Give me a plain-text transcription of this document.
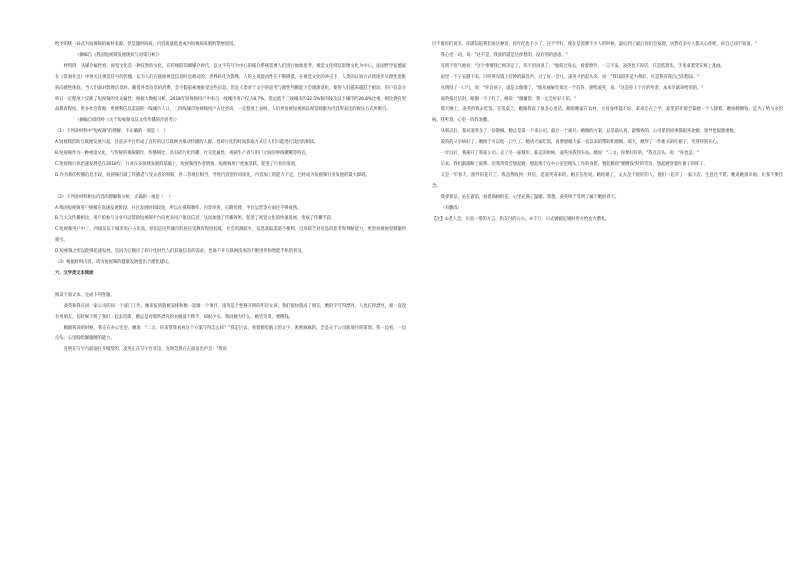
给予的统一局式为短视频的素材来源。但是题材同质、内容质量低也成为短视频发展的掣肘原因。

（摘编自《我国短视频发展现状与对策分析》）

材料四：从媒介属性看，视觉文化是一种反智的文化，在传统的印刷媒介时代，以文字符号为中心的媒介系统需要人们进行抽象思考，视觉文化则以影像文化为中心。法国哲学家德波在《景观社会》中曾关注视觉符号的传播，认为人们在接收视觉信息时是被动的。世界转化为影像，人的主观能动性在不断降低。在视觉文化的冲击下，人类的认知方式将逐步从理性思维转向感性体验。当人们面对影像信息时，随着各类信息的消费，会不假思索地接受这些信息。但是人类对于文字的思考与理性判断能力会逐渐退化，使得人们越来越趋于被动。用户信息分析日一定程度上反映了短视频的受众属性，根据大数据分析，2018年短视频用户中来自一线城市用户仅占8.7%，选远低于三线城市的32.5%和四线及以下城市的26.8%比重。相比拥有更高教育程度、更多社会资源、更便利信息渠道的一线城市人口，三四线城市短视频用户占比更高，一定程度上表明，人们更易被短视频以视觉刺激为内容所表达的娱乐方式所吸引。

（摘编自周同岭《关于短视频及其文化传播的冷思考》）

（1）下列对材料中"短视频"的理解，不正确的一项是（　）

A.短视频借助互联网发展兴起，目前多平台形成了良好的以互联网为推动传播的人群，但碎片化的时间获取方式让人们只能进行浅层的阅读。

B.短视频作为一种视觉文化，与传统的视频制作、传播相比，具有碎片化传播、社交化属性、视频生产者与用户之间的界线模糊等特点。

C.短视频行业迅速发展是在2018年，行业在多领域发展的基础上，短视频创作者增加，短视频用户更加活跃，促进了行业的发展。

D.作为新的传播信息手段，短视频打破了传播者与受众者的界限，各二者地位相当，导致内容创作同质化，内容加工的能力不足，已经成为短视频行业发展的最大障碍。

（2）下列对材料相关内容的理解和分析，正确的一项是（　）

A.我国短视频用户规模在高速发展阶段，并且发展时间较短，所以在视频制作、内容审查、后期处理、平台运营等方面还不够成熟。

B.与大众传播相比，用户的参与分享可以帮助短视频平台向更多用户推送信息，从而加强了传播效果，促进了视觉文化的快速发展，变成了传播手段。

C.短视频用户中三、四线及以下城市用户占比高，原因是这些城市的居民受教育程度较低，社会资源较少，信息获取渠道不便利，自身缺乏对信息的思考和判断能力，更容易被视觉刺激所吸引。

D.短视频之所以能够迅速发展，是因为它顺应了碎片化时代人们获取信息的需求，也离不开互联网技术的不断进步和智能手机的普及。

（3）根据材料内容，请为短视频的健康发展提出合理化建议。

六、文学类文本阅读

阅读下面文本，完成下列各题。

凌英和我在同一家公司的同一个部门工作，刚来报到就被安排和她一起做一个项目。凌英是个性格开朗的年轻女孩，我们很快就成了朋友。她的字写得漂亮，人也长得漂亮，却一直没有男朋友。有时候下班了我们一起去逛街，她总是对那些漂亮的衣服爱不释手，却很少买。我问她为什么，她笑笑说，要攒钱。

她跟我说的时候，我正在办公室里，她说："二文，你来帮我看看这个方案写得怎么样？"我走过去，看着她电脑上的文字，密密麻麻的，全是关于公司新项目的策划。我一边看，一边点头，心里暗暗佩服她的能力。

克明在写字台前面打开模型的，凌英正在写字台旁边。克明忽然在正面发出声音："我说

过不准你们说笑，你就知道我们说这种话。你年纪也不小了，还不学好，现在是需要不少人的时候，最后到了最后你们会发现，居然有多少人都关心你呢，你自己却不知道。"

我心里一动，说："这不是，我真的就是这样想的，没有别的意思。"

克明不客气地说："这个事情我已经决定了，你不用再说了。"他转过身去，看着窗外，一言不发。凌英也不说话，只是低着头，手里拿着笔在纸上乱画。

屋里一下子安静下来，只听得见墙上挂钟的滴答声。过了好一会儿，凌英才抬起头来，说："我知道你是为我好，可是我有我自己的想法。"

克明叹了一口气，说："你这孩子，就是太倔强了。"他从抽屉里拿出一个信封，递给凌英，说："这是你上个月的奖金，本来早就该给你的。"

凌英接过信封，眼圈一下子红了。她说："谢谢您，我一定会好好干的。"

那天晚上，凌英约我去吃饭。在饭桌上，她跟我说了很多心里话。她说她家在农村，父母身体都不好，弟弟还在上学，家里的开销全靠她一个人撑着。她说她攒钱，是为了给父亲治病。我听着，心里一阵阵发酸。

从那以后，我对凌英多了一份敬佩。她总是第一个来公司，最后一个离开。她做的方案，总是最认真、最细致的。公司里的同事都很喜欢她，领导也很器重她。

凌英的父亲病好了，她终于可以松一口气了。她请大家吃饭，说要感谢大家一直以来的帮助和照顾。那天，她穿了一件新买的红裙子，笑得特别开心。

一年以后，我离开了那家公司，去了另一座城市。临走的时候，凌英送我到车站。她说："二文，你要好好的。"我点点头，说："你也是。"

后来，我们渐渐断了联系。但我常常会想起她，想起那个在办公室里埋头工作的身影，想起她说"要攒钱"时的笑容，想起她穿着红裙子的样子。

又是一年春天，窗外的花开了。我忽然收到一封信，是凌英寄来的。她在信里说，她结婚了，丈夫是个很好的人，他们一起开了一家小店，生意还不错。她说她很幸福，让我不要挂念。

我拿着信，站在窗前，看着满树的花，心里充满了温暖。我想，凌英终于等到了属于她的春天。

（有删改）

【注】①老人会，川省一带的方言，指支付的公公。②千万：日式婚姻定婚时男方给女方聘礼。
